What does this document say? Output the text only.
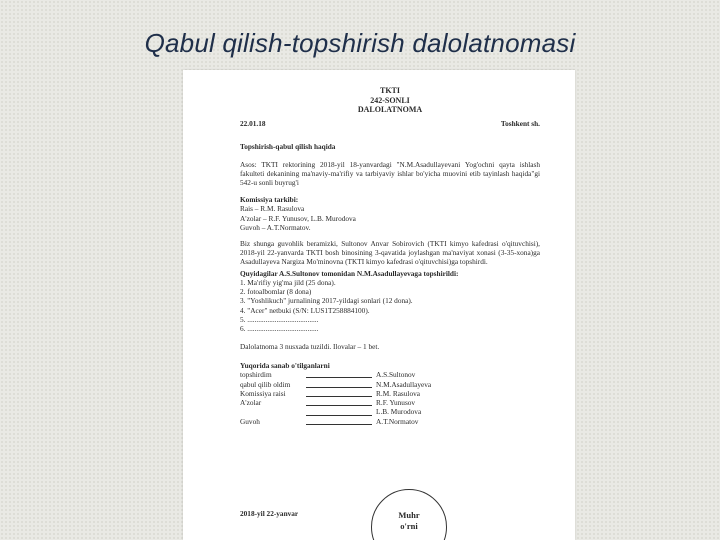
Qabul qilish-topshirish dalolatnomasi
TKTI
242-SONLI
DALOLATNOMA
22.01.18	Toshkent sh.
Topshirish-qabul qilish haqida
Asos: TKTI rektorining 2018-yil 18-yanvardagi "N.M.Asadullayevani Yog'ochni qayta ishlash fakulteti dekanining ma'naviy-ma'rifiy va tarbiyaviy ishlar bo'yicha muovini etib tayinlash haqida"gi 542-u sonli buyrug'i
Komissiya tarkibi:
Rais – R.M. Rasulova
A'zolar – R.F. Yunusov, L.B. Murodova
Guvoh – A.T.Normatov.
Biz shunga guvohlik beramizki, Sultonov Anvar Sobirovich (TKTI kimyo kafedrasi o'qituvchisi), 2018-yil 22-yanvarda TKTI bosh binosining 3-qavatida joylashgan ma'naviyat xonasi (3-35-xona)ga Asadullayeva Nargiza Mo'minovna (TKTI kimyo kafedrasi o'qituvchisi)ga topshirdi.
Quyidagilar A.S.Sultonov tomonidan N.M.Asadullayevaga topshirildi:
1. Ma'rifiy yig'ma jild (25 dona).
2. fotoalbomlar (8 dona)
3. "Yoshlikuch" jurnalining 2017-yildagi sonlari (12 dona).
4. "Acer" netbuki (S/N: LUS1T258884100).
5. .......................................
6. .......................................
Dalolatnoma 3 nusxada tuzildi. Ilovalar – 1 bet.
Yuqorida sanab o'tilganlarni
topshirdim	A.S.Sultonov
qabul qilib oldim	N.M.Asadullayeva
Komissiya raisi	R.M. Rasulova
A'zolar	R.F. Yunusov
L.B. Murodova
Guvoh	A.T.Normatov
2018-yil 22-yanvar	Muhr
o'rni
